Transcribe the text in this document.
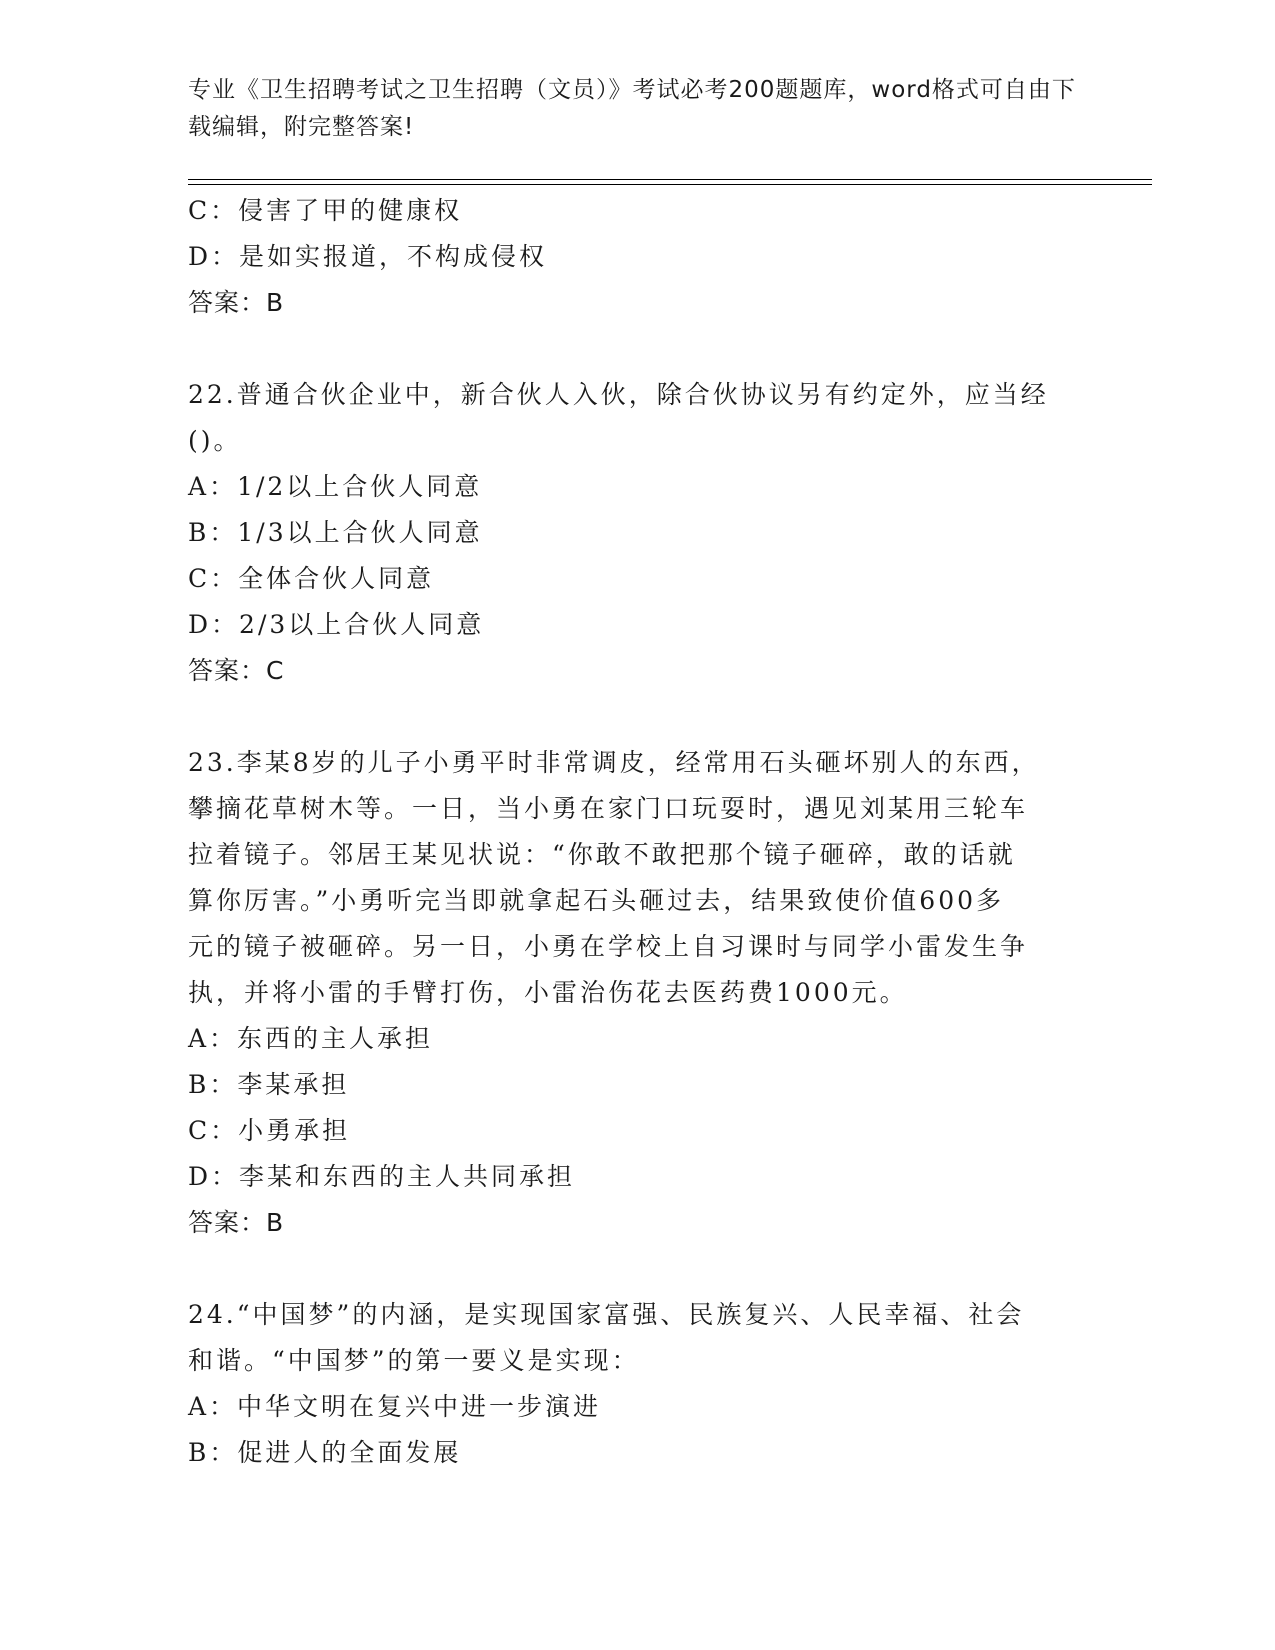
专业《卫生招聘考试之卫生招聘（文员）》考试必考200题题库，word格式可自由下载编辑，附完整答案!
C：侵害了甲的健康权
D：是如实报道，不构成侵权
答案：B
22.普通合伙企业中，新合伙人入伙，除合伙协议另有约定外，应当经
()。
A：1/2以上合伙人同意
B：1/3以上合伙人同意
C：全体合伙人同意
D：2/3以上合伙人同意
答案：C
23.李某8岁的儿子小勇平时非常调皮，经常用石头砸坏别人的东西，
攀摘花草树木等。一日，当小勇在家门口玩耍时，遇见刘某用三轮车
拉着镜子。邻居王某见状说：“你敢不敢把那个镜子砸碎，敢的话就
算你厉害。”小勇听完当即就拿起石头砸过去，结果致使价值600多
元的镜子被砸碎。另一日，小勇在学校上自习课时与同学小雷发生争
执，并将小雷的手臂打伤，小雷治伤花去医药费1000元。
A：东西的主人承担
B：李某承担
C：小勇承担
D：李某和东西的主人共同承担
答案：B
24.“中国梦”的内涵，是实现国家富强、民族复兴、人民幸福、社会
和谐。“中国梦”的第一要义是实现：
A：中华文明在复兴中进一步演进
B：促进人的全面发展
